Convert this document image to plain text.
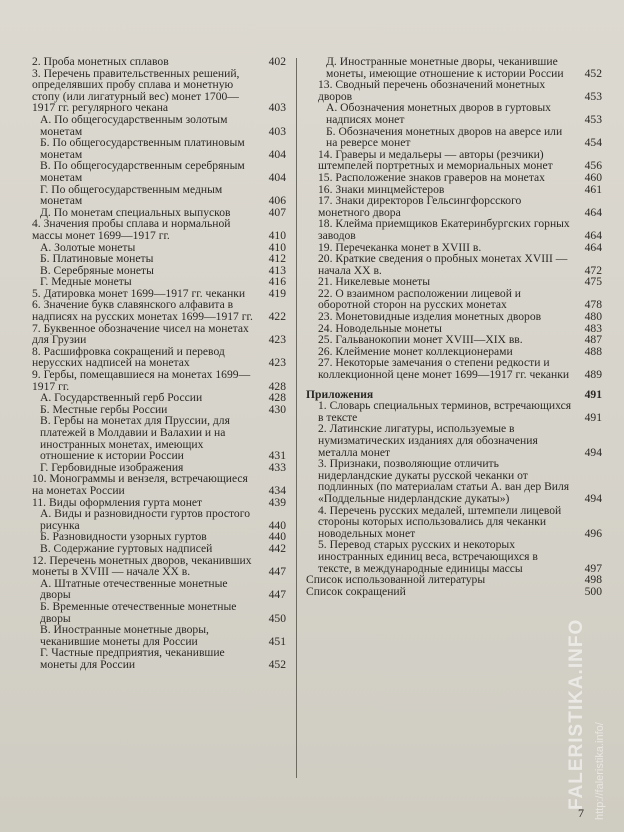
2. Проба монетных сплавов	402
3. Перечень правительственных решений, определявших пробу сплава и монетную стопу (или лигатурный вес) монет 1700—1917 гг. регулярного чекана	403
А. По общегосударственным золотым монетам	403
Б. По общегосударственным платиновым монетам	404
В. По общегосударственным серебряным монетам	404
Г. По общегосударственным медным монетам	406
Д. По монетам специальных выпусков	407
4. Значения пробы сплава и нормальной массы монет 1699—1917 гг.	410
А. Золотые монеты	410
Б. Платиновые монеты	412
В. Серебряные монеты	413
Г. Медные монеты	416
5. Датировка монет 1699—1917 гг. чеканки	419
6. Значение букв славянского алфавита в надписях на русских монетах 1699—1917 гг. 422
7. Буквенное обозначение чисел на монетах для Грузии	423
8. Расшифровка сокращений и перевод нерусских надписей на монетах	423
9. Гербы, помещавшиеся на монетах 1699—1917 гг.	428
А. Государственный герб России	428
Б. Местные гербы России	430
В. Гербы на монетах для Пруссии, для платежей в Молдавии и Валахии и на иностранных монетах, имеющих отношение к истории России	431
Г. Гербовидные изображения	433
10. Монограммы и вензеля, встречающиеся на монетах России	434
11. Виды оформления гурта монет	439
А. Виды и разновидности гуртов простого рисунка	440
Б. Разновидности узорных гуртов	440
В. Содержание гуртовых надписей	442
12. Перечень монетных дворов, чеканивших монеты в XVIII — начале XX в.	447
А. Штатные отечественные монетные дворы	447
Б. Временные отечественные монетные дворы	450
В. Иностранные монетные дворы, чеканившие монеты для России	451
Г. Частные предприятия, чеканившие монеты для России	452
Д. Иностранные монетные дворы, чеканившие монеты, имеющие отношение к истории России	452
13. Сводный перечень обозначений монетных дворов	453
А. Обозначения монетных дворов в гуртовых надписях монет	453
Б. Обозначения монетных дворов на аверсе или на реверсе монет	454
14. Граверы и медальеры — авторы (резчики) штемпелей портретных и мемориальных монет	456
15. Расположение знаков граверов на монетах	460
16. Знаки минцмейстеров	461
17. Знаки директоров Гельсингфорсского монетного двора	464
18. Клейма приемщиков Екатеринбургских горных заводов	464
19. Перечеканка монет в XVIII в.	464
20. Краткие сведения о пробных монетах XVIII — начала XX в.	472
21. Никелевые монеты	475
22. О взаимном расположении лицевой и оборотной сторон на русских монетах	478
23. Монетовидные изделия монетных дворов	480
24. Новодельные монеты	483
25. Гальванокопии монет XVIII—XIX вв.	487
26. Клеймение монет коллекционерами	488
27. Некоторые замечания о степени редкости и коллекционной цене монет 1699—1917 гг. чеканки 489
Приложения	491
1. Словарь специальных терминов, встречающихся в тексте	491
2. Латинские лигатуры, используемые в нумизматических изданиях для обозначения металла монет	494
3. Признаки, позволяющие отличить нидерландские дукаты русской чеканки от подлинных (по материалам статьи А. ван дер Виля «Поддельные нидерландские дукаты»)	494
4. Перечень русских медалей, штемпели лицевой стороны которых использовались для чеканки новодельных монет	496
5. Перевод старых русских и некоторых иностранных единиц веса, встречающихся в тексте, в международные единицы массы	497
Список использованной литературы	498
Список сокращений	500
FALERISTIKA.INFO http://faleristika.info/
7
